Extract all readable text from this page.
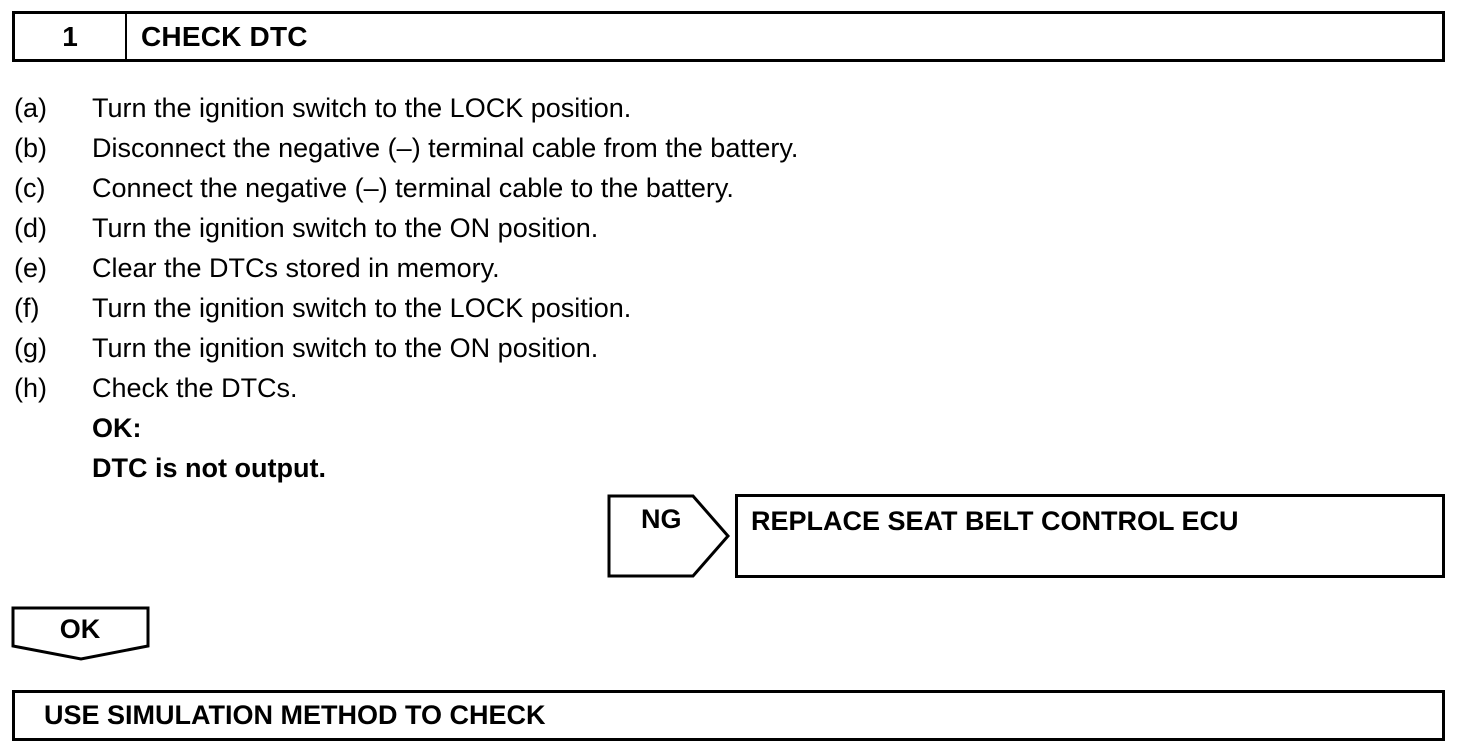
1	CHECK DTC
(a)	Turn the ignition switch to the LOCK position.
(b)	Disconnect the negative (–) terminal cable from the battery.
(c)	Connect the negative (–) terminal cable to the battery.
(d)	Turn the ignition switch to the ON position.
(e)	Clear the DTCs stored in memory.
(f)	Turn the ignition switch to the LOCK position.
(g)	Turn the ignition switch to the ON position.
(h)	Check the DTCs.
OK:
DTC is not output.
NG	REPLACE SEAT BELT CONTROL ECU
OK
USE SIMULATION METHOD TO CHECK
